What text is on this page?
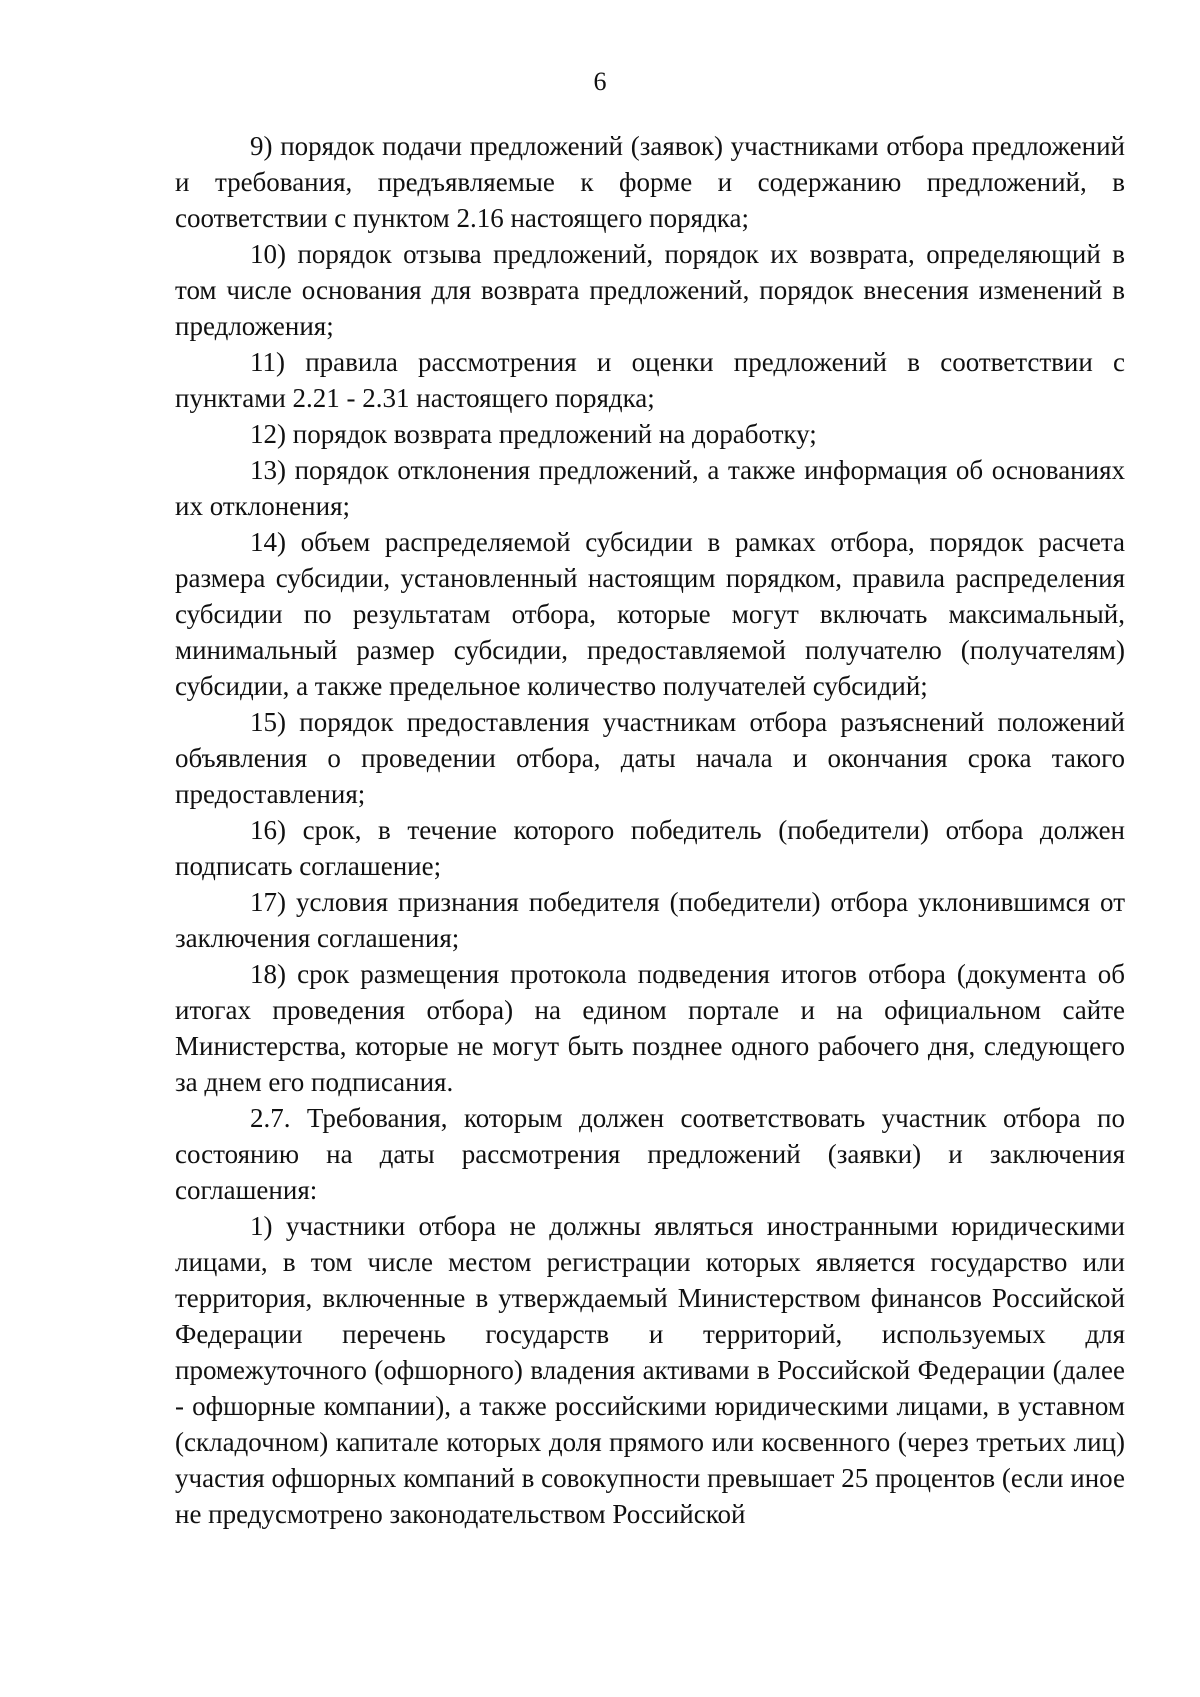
6

9) порядок подачи предложений (заявок) участниками отбора предложений и требования, предъявляемые к форме и содержанию предложений, в соответствии с пунктом 2.16 настоящего порядка;

10) порядок отзыва предложений, порядок их возврата, определяющий в том числе основания для возврата предложений, порядок внесения изменений в предложения;

11) правила рассмотрения и оценки предложений в соответствии с пунктами 2.21 - 2.31 настоящего порядка;

12) порядок возврата предложений на доработку;

13) порядок отклонения предложений, а также информация об основаниях их отклонения;

14) объем распределяемой субсидии в рамках отбора, порядок расчета размера субсидии, установленный настоящим порядком, правила распределения субсидии по результатам отбора, которые могут включать максимальный, минимальный размер субсидии, предоставляемой получателю (получателям) субсидии, а также предельное количество получателей субсидий;

15) порядок предоставления участникам отбора разъяснений положений объявления о проведении отбора, даты начала и окончания срока такого предоставления;

16) срок, в течение которого победитель (победители) отбора должен подписать соглашение;

17) условия признания победителя (победители) отбора уклонившимся от заключения соглашения;

18) срок размещения протокола подведения итогов отбора (документа об итогах проведения отбора) на едином портале и на официальном сайте Министерства, которые не могут быть позднее одного рабочего дня, следующего за днем его подписания.

2.7. Требования, которым должен соответствовать участник отбора по состоянию на даты рассмотрения предложений (заявки) и заключения соглашения:

1) участники отбора не должны являться иностранными юридическими лицами, в том числе местом регистрации которых является государство или территория, включенные в утверждаемый Министерством финансов Российской Федерации перечень государств и территорий, используемых для промежуточного (офшорного) владения активами в Российской Федерации (далее - офшорные компании), а также российскими юридическими лицами, в уставном (складочном) капитале которых доля прямого или косвенного (через третьих лиц) участия офшорных компаний в совокупности превышает 25 процентов (если иное не предусмотрено законодательством Российской
